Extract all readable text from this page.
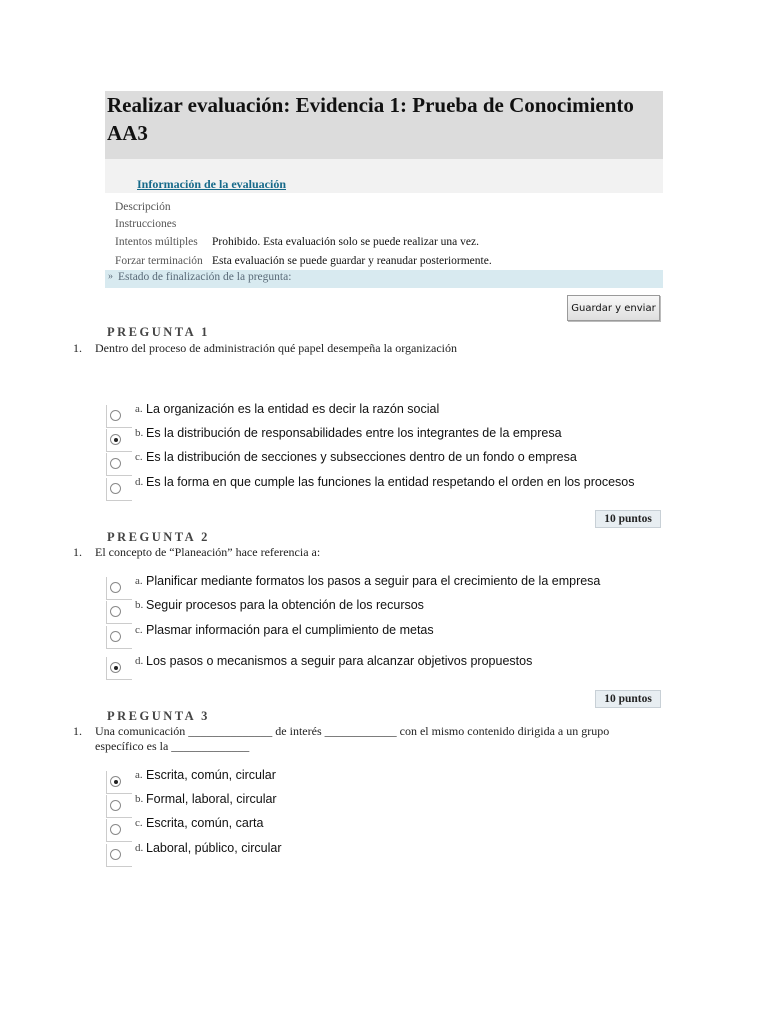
Realizar evaluación: Evidencia 1: Prueba de Conocimiento AA3
Información de la evaluación
Descripción
Instrucciones
Intentos múltiples Prohibido. Esta evaluación solo se puede realizar una vez.
Forzar terminación Esta evaluación se puede guardar y reanudar posteriormente.
» Estado de finalización de la pregunta:
Guardar y enviar
PREGUNTA 1
1. Dentro del proceso de administración qué papel desempeña la organización
a. La organización es la entidad es decir la razón social
b. Es la distribución de responsabilidades entre los integrantes de la empresa
c. Es la distribución de secciones y subsecciones dentro de un fondo o empresa
d. Es la forma en que cumple las funciones la entidad respetando el orden en los procesos
10 puntos
PREGUNTA 2
1. El concepto de “Planeación” hace referencia a:
a. Planificar mediante formatos los pasos a seguir para el crecimiento de la empresa
b. Seguir procesos para la obtención de los recursos
c. Plasmar información para el cumplimiento de metas
d. Los pasos o mecanismos a seguir para alcanzar objetivos propuestos
10 puntos
PREGUNTA 3
1. Una comunicación ______________ de interés ____________ con el mismo contenido dirigida a un grupo específico es la _____________
a. Escrita, común, circular
b. Formal, laboral, circular
c. Escrita, común, carta
d. Laboral, público, circular
